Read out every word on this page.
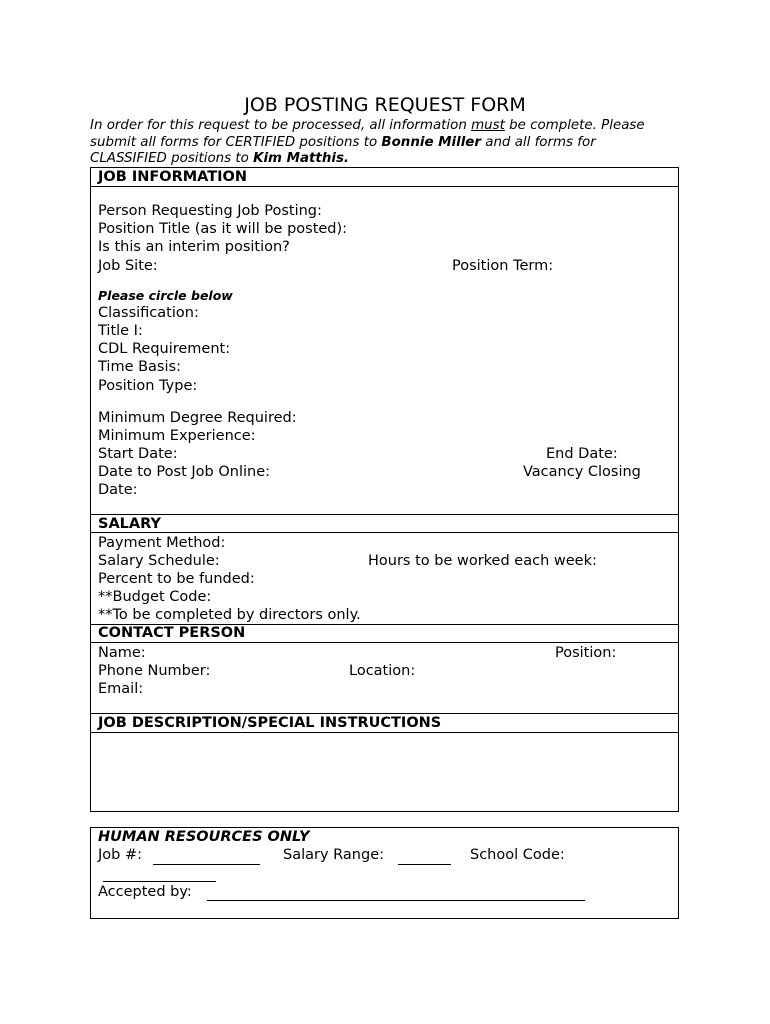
JOB POSTING REQUEST FORM
In order for this request to be processed, all information must be complete. Please
submit all forms for CERTIFIED positions to Bonnie Miller and all forms for
CLASSIFIED positions to Kim Matthis.
JOB INFORMATION
Person Requesting Job Posting:
Position Title (as it will be posted):
Is this an interim position?
Job Site:	Position Term:
Please circle below
Classification:
Title I:
CDL Requirement:
Time Basis:
Position Type:
Minimum Degree Required:
Minimum Experience:
Start Date:	End Date:
Date to Post Job Online:	Vacancy Closing
Date:
SALARY
Payment Method:
Salary Schedule:	Hours to be worked each week:
Percent to be funded:
**Budget Code:
**To be completed by directors only.
CONTACT PERSON
Name:	Position:
Phone Number:	Location:
Email:
JOB DESCRIPTION/SPECIAL INSTRUCTIONS
HUMAN RESOURCES ONLY
Job #:	Salary Range:	School Code:
Accepted by:
